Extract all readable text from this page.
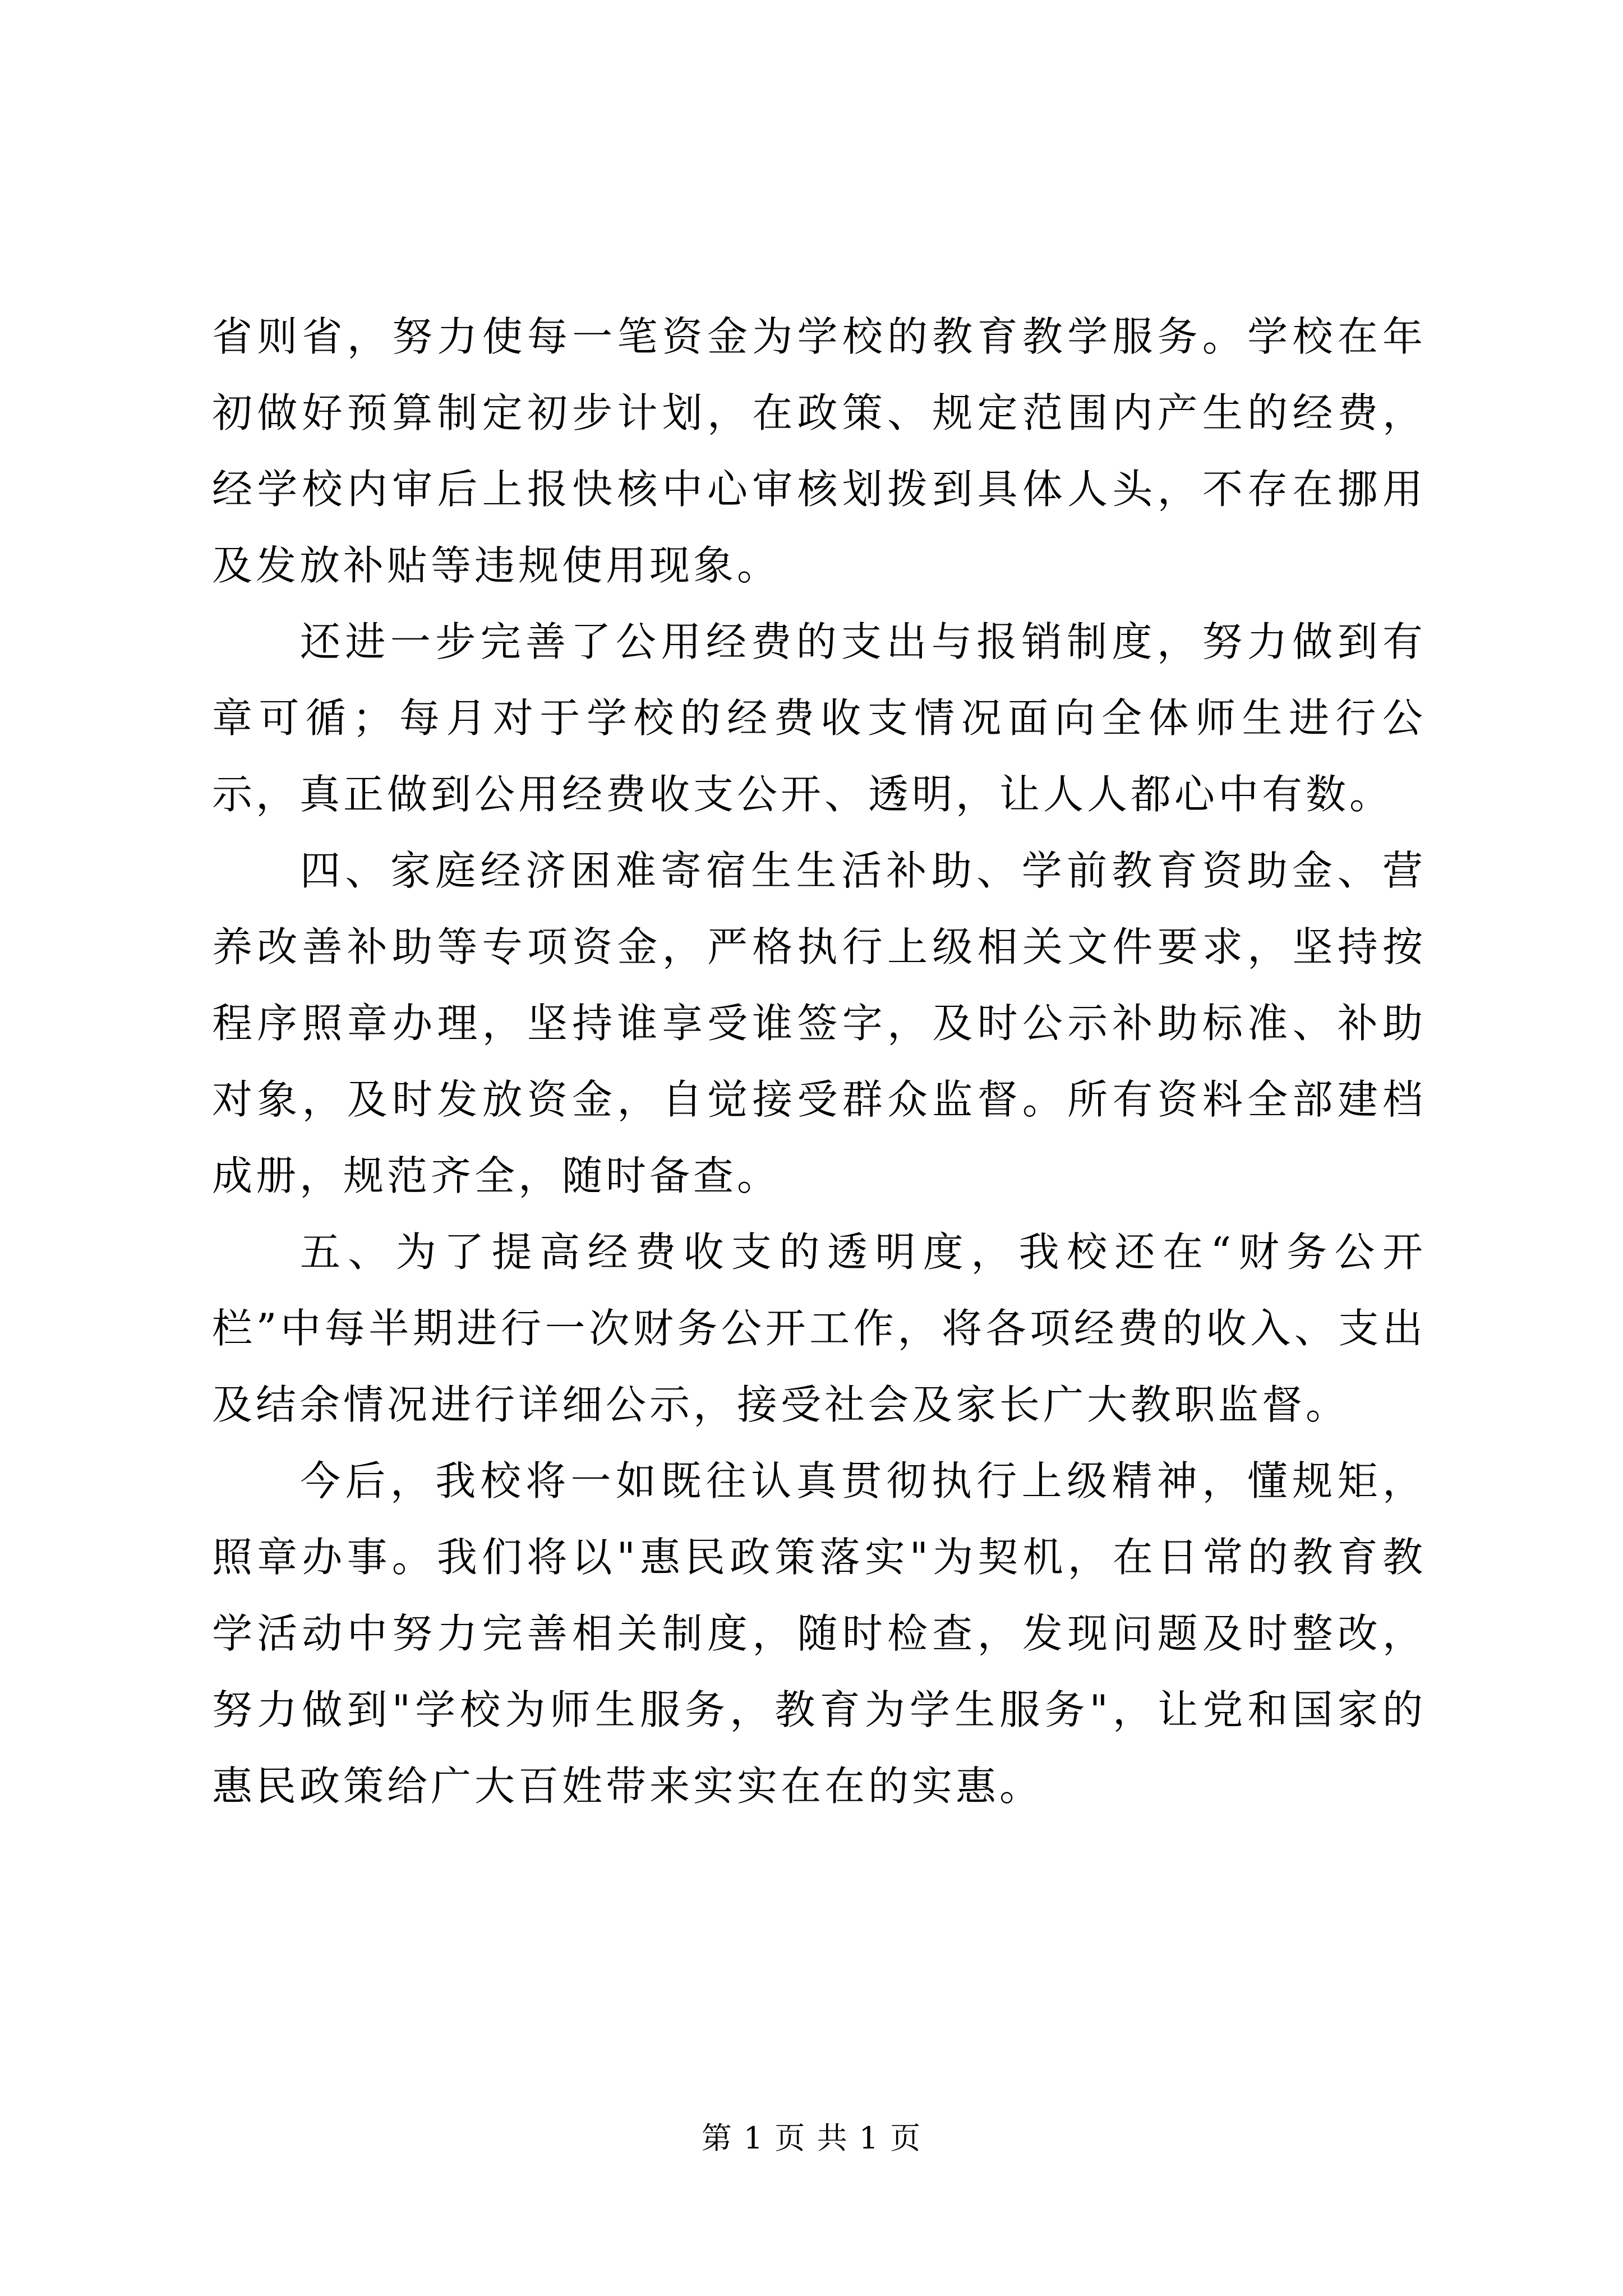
省则省，努力使每一笔资金为学校的教育教学服务。学校在年初做好预算制定初步计划，在政策、规定范围内产生的经费，经学校内审后上报快核中心审核划拨到具体人头，不存在挪用及发放补贴等违规使用现象。

还进一步完善了公用经费的支出与报销制度，努力做到有章可循；每月对于学校的经费收支情况面向全体师生进行公示，真正做到公用经费收支公开、透明，让人人都心中有数。

四、家庭经济困难寄宿生生活补助、学前教育资助金、营养改善补助等专项资金，严格执行上级相关文件要求，坚持按程序照章办理，坚持谁享受谁签字，及时公示补助标准、补助对象，及时发放资金，自觉接受群众监督。所有资料全部建档成册，规范齐全，随时备查。

五、为了提高经费收支的透明度，我校还在“财务公开栏”中每半期进行一次财务公开工作，将各项经费的收入、支出及结余情况进行详细公示，接受社会及家长广大教职监督。

今后，我校将一如既往认真贯彻执行上级精神，懂规矩，照章办事。我们将以"惠民政策落实"为契机，在日常的教育教学活动中努力完善相关制度，随时检查，发现问题及时整改，努力做到"学校为师生服务，教育为学生服务"，让党和国家的惠民政策给广大百姓带来实实在在的实惠。

第 1 页 共 1 页
